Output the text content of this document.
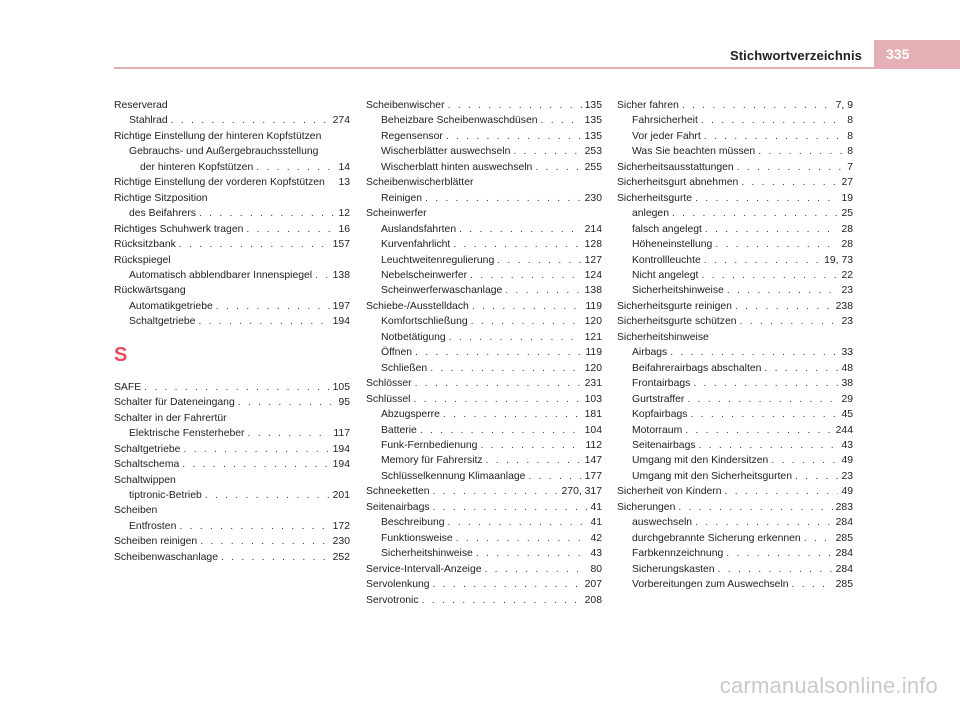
Stichwortverzeichnis	335
Reserverad
Stahlrad . . .	274
Richtige Einstellung der hinteren Kopfstützen
Gebrauchs- und Außergebrauchsstellung
der hinteren Kopfstützen . . .	14
Richtige Einstellung der vorderen Kopfstützen 13
Richtige Sitzposition
des Beifahrers . . .	12
Richtiges Schuhwerk tragen . . .	16
Rücksitzbank . . .	157
Rückspiegel
Automatisch abblendbarer Innenspiegel . . . 138
Rückwärtsgang
Automatikgetriebe . . .	197
Schaltgetriebe . . .	194
S
SAFE . . .	105
Schalter für Dateneingang . . .	95
Schalter in der Fahrertür
Elektrische Fensterheber . . .	117
Schaltgetriebe . . .	194
Schaltschema . . .	194
Schaltwippen
tiptronic-Betrieb . . .	201
Scheiben
Entfrosten . . .	172
Scheiben reinigen . . .	230
Scheibenwaschanlage . . .	252
Scheibenwischer . . .	135
Beheizbare Scheibenwaschdüsen . . .	135
Regensensor . . .	135
Wischerblätter auswechseln . . .	253
Wischerblatt hinten auswechseln . . .	255
Scheibenwischerblätter
Reinigen . . .	230
Scheinwerfer
Auslandsfahrten . . .	214
Kurvenfahrlicht . . .	128
Leuchtweitenregulierung . . .	127
Nebelscheinwerfer . . .	124
Scheinwerferwaschanlage . . .	138
Schiebe-/Ausstelldach . . .	119
Komfortschließung . . .	120
Notbetätigung . . .	121
Öffnen . . .	119
Schließen . . .	120
Schlösser . . .	231
Schlüssel . . .	103
Abzugsperre . . .	181
Batterie . . .	104
Funk-Fernbedienung . . .	112
Memory für Fahrersitz . . .	147
Schlüsselkennung Klimaanlage . . .	177
Schneeketten . . .	270, 317
Seitenairbags . . .	41
Beschreibung . . .	41
Funktionsweise . . .	42
Sicherheitshinweise . . .	43
Service-Intervall-Anzeige . . .	80
Servolenkung . . .	207
Servotronic . . .	208
Sicher fahren . . .	7, 9
Fahrsicherheit . . .	8
Vor jeder Fahrt . . .	8
Was Sie beachten müssen . . .	8
Sicherheitsausstattungen . . .	7
Sicherheitsgurt abnehmen . . .	27
Sicherheitsgurte . . .	19
anlegen . . .	25
falsch angelegt . . .	28
Höheneinstellung . . .	28
Kontrollleuchte . . .	19, 73
Nicht angelegt . . .	22
Sicherheitshinweise . . .	23
Sicherheitsgurte reinigen . . .	238
Sicherheitsgurte schützen . . .	23
Sicherheitshinweise
Airbags . . .	33
Beifahrerairbags abschalten . . .	48
Frontairbags . . .	38
Gurtstraffer . . .	29
Kopfairbags . . .	45
Motorraum . . .	244
Seitenairbags . . .	43
Umgang mit den Kindersitzen . . .	49
Umgang mit den Sicherheitsgurten . . .	23
Sicherheit von Kindern . . .	49
Sicherungen . . .	283
auswechseln . . .	284
durchgebrannte Sicherung erkennen . . .	285
Farbkennzeichnung . . .	284
Sicherungskasten . . .	284
Vorbereitungen zum Auswechseln . . .	285
carmanualsonline.info
